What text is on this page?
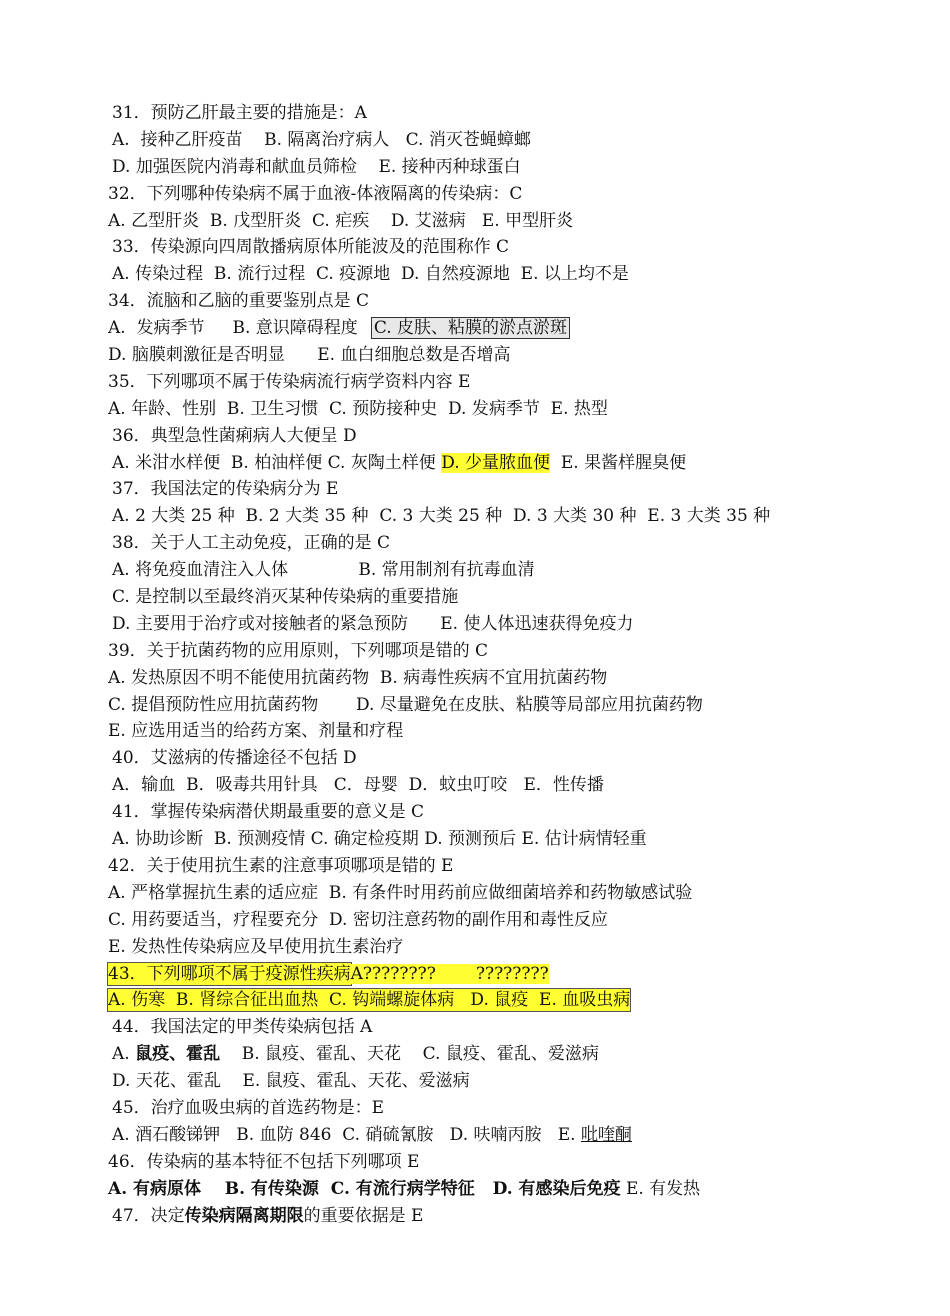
31．预防乙肝最主要的措施是：A
A.  接种乙肝疫苗    B. 隔离治疗病人   C. 消灭苍蝇蟑螂
D. 加强医院内消毒和献血员筛检    E. 接种丙种球蛋白
32．下列哪种传染病不属于血液-体液隔离的传染病：C
A. 乙型肝炎  B. 戊型肝炎  C. 疟疾    D. 艾滋病   E. 甲型肝炎
33．传染源向四周散播病原体所能波及的范围称作 C
A. 传染过程  B. 流行过程  C. 疫源地  D. 自然疫源地  E. 以上均不是
34．流脑和乙脑的重要鉴别点是 C
A.  发病季节 B. 意识障碍程度 C. 皮肤、粘膜的淤点淤斑
D. 脑膜刺激征是否明显      E. 血白细胞总数是否增高
35．下列哪项不属于传染病流行病学资料内容 E
A. 年龄、性别  B. 卫生习惯  C. 预防接种史  D. 发病季节  E. 热型
36．典型急性菌痢病人大便呈 D
A. 米泔水样便  B. 柏油样便 C. 灰陶土样便 D. 少量脓血便  E. 果酱样腥臭便
37．我国法定的传染病分为 E
A. 2 大类 25 种  B. 2 大类 35 种  C. 3 大类 25 种  D. 3 大类 30 种  E. 3 大类 35 种
38．关于人工主动免疫，正确的是 C
A. 将免疫血清注入人体             B. 常用制剂有抗毒血清
C. 是控制以至最终消灭某种传染病的重要措施
D. 主要用于治疗或对接触者的紧急预防      E. 使人体迅速获得免疫力
39．关于抗菌药物的应用原则，下列哪项是错的 C
A. 发热原因不明不能使用抗菌药物  B. 病毒性疾病不宜用抗菌药物
C. 提倡预防性应用抗菌药物       D. 尽量避免在皮肤、粘膜等局部应用抗菌药物
E. 应选用适当的给药方案、剂量和疗程
40．艾滋病的传播途径不包括 D
A．输血  B．吸毒共用针具   C．母婴  D．蚊虫叮咬   E．性传播
41．掌握传染病潜伏期最重要的意义是 C
A. 协助诊断  B. 预测疫情 C. 确定检疫期 D. 预测预后 E. 估计病情轻重
42．关于使用抗生素的注意事项哪项是错的 E
A. 严格掌握抗生素的适应症  B. 有条件时用药前应做细菌培养和药物敏感试验
C. 用药要适当，疗程要充分  D. 密切注意药物的副作用和毒性反应
E. 发热性传染病应及早使用抗生素治疗
43．下列哪项不属于疫源性疾病A???????? ????????
A. 伤寒  B. 肾综合征出血热  C. 钩端螺旋体病   D. 鼠疫  E. 血吸虫病
44．我国法定的甲类传染病包括 A
A. 鼠疫、霍乱    B. 鼠疫、霍乱、天花    C. 鼠疫、霍乱、爱滋病
D. 天花、霍乱    E. 鼠疫、霍乱、天花、爱滋病
45．治疗血吸虫病的首选药物是：E
A. 酒石酸锑钾   B. 血防 846  C. 硝硫氰胺   D. 呋喃丙胺   E. 吡喹酮
46．传染病的基本特征不包括下列哪项 E
A. 有病原体    B. 有传染源  C. 有流行病学特征   D. 有感染后免疫 E. 有发热
47．决定传染病隔离期限的重要依据是 E
